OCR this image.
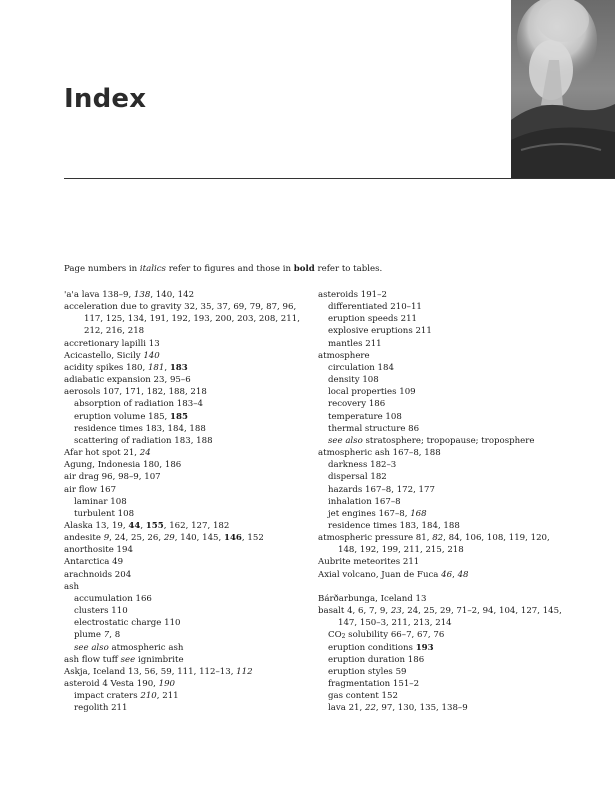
Index

Page numbers in italics refer to figures and those in bold refer to tables.

'a'a lava 138–9, 138, 140, 142
acceleration due to gravity 32, 35, 37, 69, 79, 87, 96,
117, 125, 134, 191, 192, 193, 200, 203, 208, 211,
212, 216, 218
accretionary lapilli 13
Acicastello, Sicily 140
acidity spikes 180, 181, 183
adiabatic expansion 23, 95–6
aerosols 107, 171, 182, 188, 218
absorption of radiation 183–4
eruption volume 185, 185
residence times 183, 184, 188
scattering of radiation 183, 188
Afar hot spot 21, 24
Agung, Indonesia 180, 186
air drag 96, 98–9, 107
air flow 167
laminar 108
turbulent 108
Alaska 13, 19, 44, 155, 162, 127, 182
andesite 9, 24, 25, 26, 29, 140, 145, 146, 152
anorthosite 194
Antarctica 49
arachnoids 204
ash
accumulation 166
clusters 110
electrostatic charge 110
plume 7, 8
see also atmospheric ash
ash flow tuff see ignimbrite
Askja, Iceland 13, 56, 59, 111, 112–13, 112
asteroid 4 Vesta 190, 190
impact craters 210, 211
regolith 211
asteroids 191–2
differentiated 210–11
eruption speeds 211
explosive eruptions 211
mantles 211
atmosphere
circulation 184
density 108
local properties 109
recovery 186
temperature 108
thermal structure 86
see also stratosphere; tropopause; troposphere
atmospheric ash 167–8, 188
darkness 182–3
dispersal 182
hazards 167–8, 172, 177
inhalation 167–8
jet engines 167–8, 168
residence times 183, 184, 188
atmospheric pressure 81, 82, 84, 106, 108, 119, 120,
148, 192, 199, 211, 215, 218
Aubrite meteorites 211
Axial volcano, Juan de Fuca 46, 48
Bárðarbunga, Iceland 13
basalt 4, 6, 7, 9, 23, 24, 25, 29, 71–2, 94, 104, 127, 145,
147, 150–3, 211, 213, 214
$CO_2$ solubility 66–7, 67, 76
eruption conditions 193
eruption duration 186
eruption styles 59
fragmentation 151–2
gas content 152
lava 21, 22, 97, 130, 135, 138–9
